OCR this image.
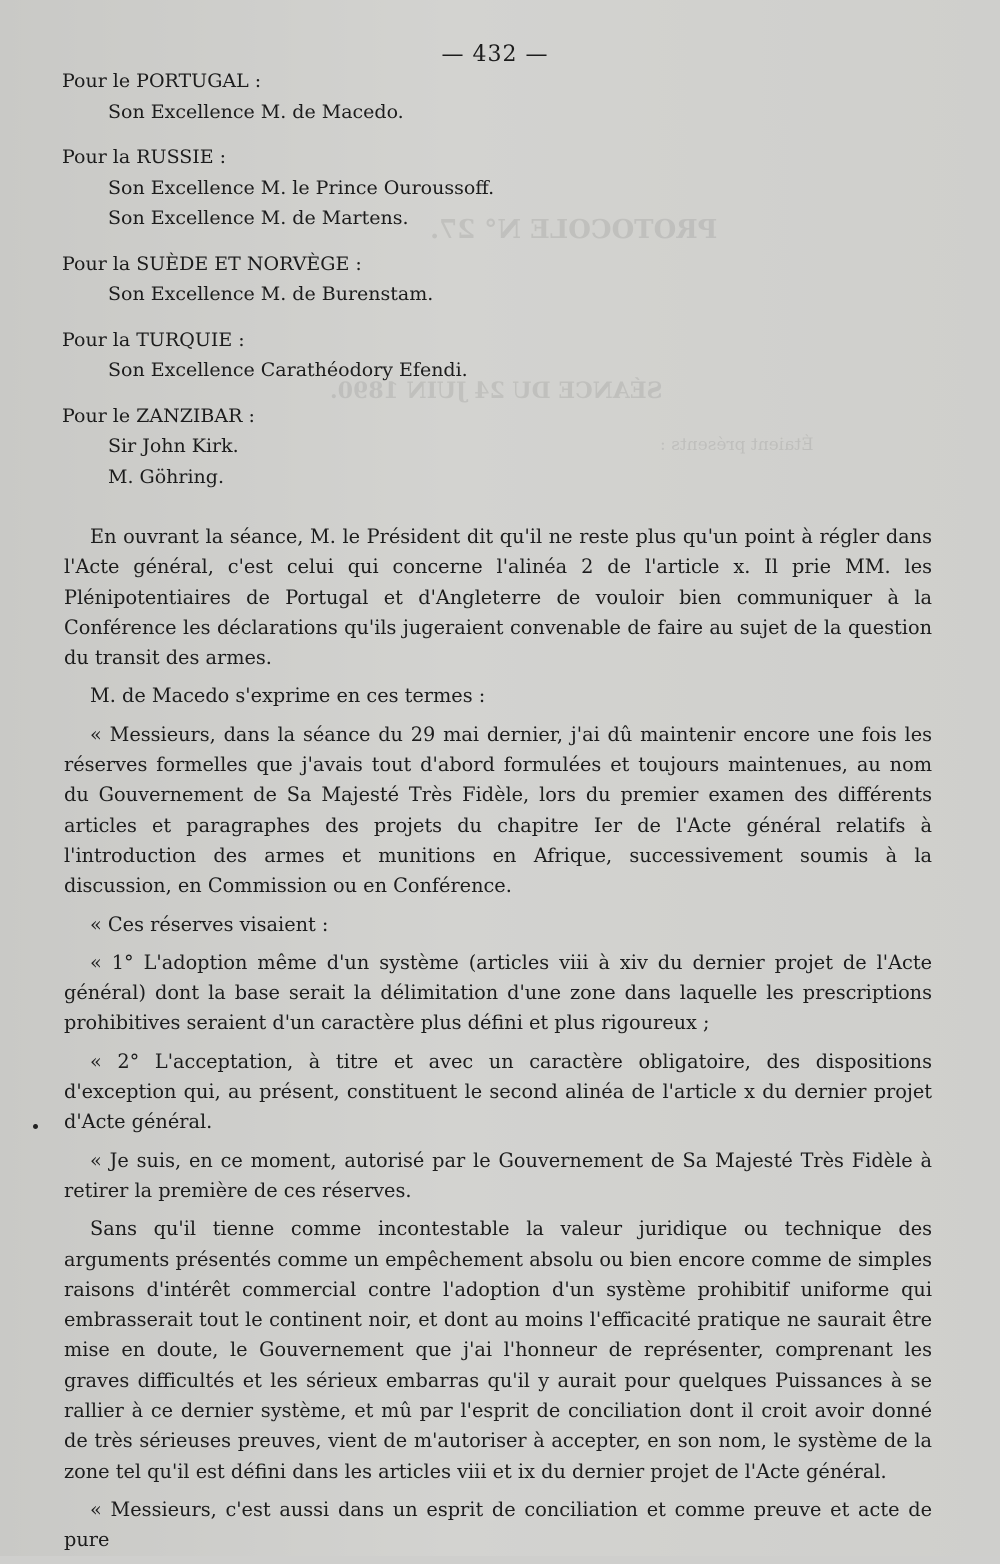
PROTOCOLE N° 27.
SÉANCE DU 24 JUIN 1890.
Étaient présents :
— 432 —

Pour le PORTUGAL :

Son Excellence M. de Macedo.

Pour la RUSSIE :

Son Excellence M. le Prince Ouroussoff.

Son Excellence M. de Martens.

Pour la SUÈDE ET NORVÈGE :

Son Excellence M. de Burenstam.

Pour la TURQUIE :

Son Excellence Carathéodory Efendi.

Pour le ZANZIBAR :

Sir John Kirk.

M. Göhring.

En ouvrant la séance, M. le Président dit qu'il ne reste plus qu'un point à régler dans l'Acte général, c'est celui qui concerne l'alinéa 2 de l'article x. Il prie MM. les Plénipotentiaires de Portugal et d'Angleterre de vouloir bien communiquer à la Conférence les déclarations qu'ils jugeraient convenable de faire au sujet de la question du transit des armes.

M. de Macedo s'exprime en ces termes :

« Messieurs, dans la séance du 29 mai dernier, j'ai dû maintenir encore une fois les réserves formelles que j'avais tout d'abord formulées et toujours maintenues, au nom du Gouvernement de Sa Majesté Très Fidèle, lors du premier examen des différents articles et paragraphes des projets du chapitre Ier de l'Acte général relatifs à l'introduction des armes et munitions en Afrique, successivement soumis à la discussion, en Commission ou en Conférence.

« Ces réserves visaient :

« 1° L'adoption même d'un système (articles viii à xiv du dernier projet de l'Acte général) dont la base serait la délimitation d'une zone dans laquelle les prescriptions prohibitives seraient d'un caractère plus défini et plus rigoureux ;

« 2° L'acceptation, à titre et avec un caractère obligatoire, des dispositions d'exception qui, au présent, constituent le second alinéa de l'article x du dernier projet d'Acte général.

« Je suis, en ce moment, autorisé par le Gouvernement de Sa Majesté Très Fidèle à retirer la première de ces réserves.

Sans qu'il tienne comme incontestable la valeur juridique ou technique des arguments présentés comme un empêchement absolu ou bien encore comme de simples raisons d'intérêt commercial contre l'adoption d'un système prohibitif uniforme qui embrasserait tout le continent noir, et dont au moins l'efficacité pratique ne saurait être mise en doute, le Gouvernement que j'ai l'honneur de représenter, comprenant les graves difficultés et les sérieux embarras qu'il y aurait pour quelques Puissances à se rallier à ce dernier système, et mû par l'esprit de conciliation dont il croit avoir donné de très sérieuses preuves, vient de m'autoriser à accepter, en son nom, le système de la zone tel qu'il est défini dans les articles viii et ix du dernier projet de l'Acte général.

« Messieurs, c'est aussi dans un esprit de conciliation et comme preuve et acte de pure
